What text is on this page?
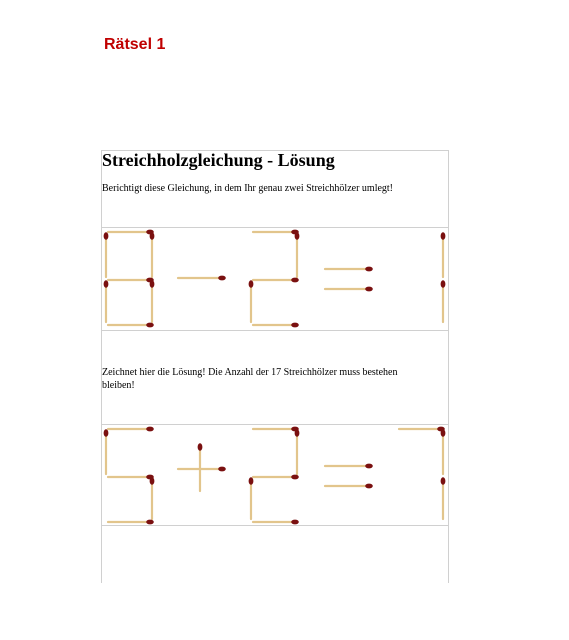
Rätsel 1
Streichholzgleichung - Lösung
Berichtigt diese Gleichung, in dem Ihr genau zwei Streichhölzer umlegt!
Zeichnet hier die Lösung! Die Anzahl der 17 Streichhölzer muss bestehen bleiben!
